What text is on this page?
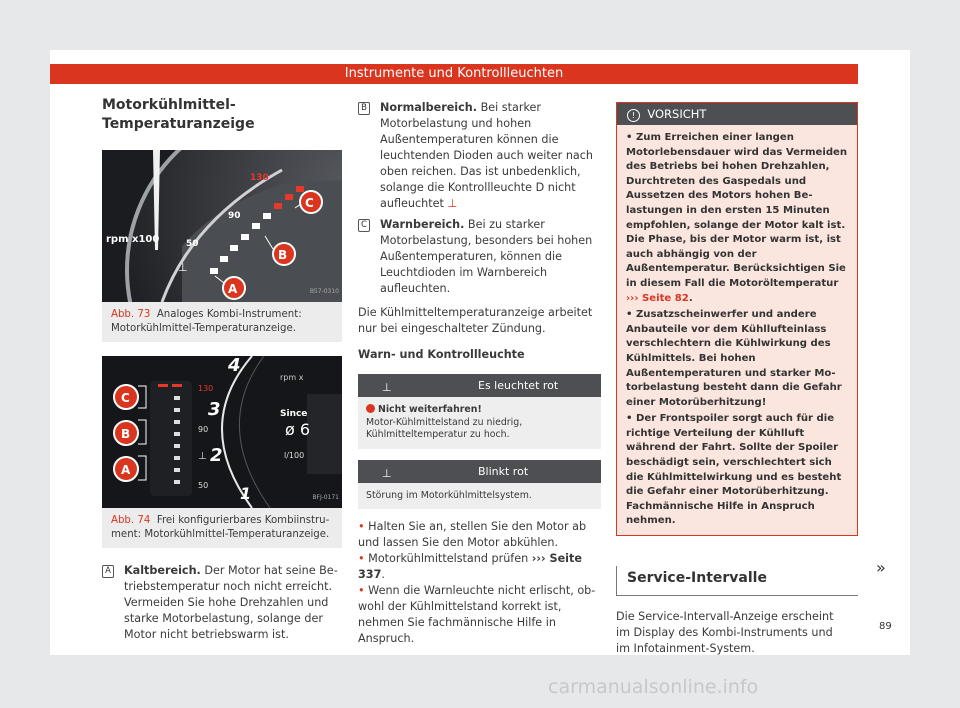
Instrumente und Kontrollleuchten
Motorkühlmittel-Temperaturanzeige
rpm x100	50
90
130
⊥
C
B
A	B57-0310
Abb. 73 Analoges Kombi-Instrument: Motorkühlmittel-Temperaturanzeige.
130
90
50
⊥
4
3
2
1
rpm x
Since
ø 6
l/100
C
B
A
BFJ-0171
Abb. 74 Frei konfigurierbares Kombiinstrument: Motorkühlmittel-Temperaturanzeige.
A Kaltbereich. Der Motor hat seine Betriebstemperatur noch nicht erreicht. Vermeiden Sie hohe Drehzahlen und starke Motorbelastung, solange der Motor nicht betriebswarm ist.
B Normalbereich. Bei starker Motorbelastung und hohen Außentemperaturen können die leuchtenden Dioden auch weiter nach oben reichen. Das ist unbedenklich, solange die Kontrollleuchte D nicht aufleuchtet ⊥
C Warnbereich. Bei zu starker Motorbelastung, besonders bei hohen Außentemperaturen, können die Leuchtdioden im Warnbereich aufleuchten.

Die Kühlmitteltemperaturanzeige arbeitet nur bei eingeschalteter Zündung.

Warn- und Kontrollleuchte

⊥	Es leuchtet rot
Nicht weiterfahren!
Motor-Kühlmittelstand zu niedrig, Kühlmitteltemperatur zu hoch.
⊥	Blinkt rot
Störung im Motorkühlmittelsystem.

• Halten Sie an, stellen Sie den Motor ab und lassen Sie den Motor abkühlen.

• Motorkühlmittelstand prüfen ››› Seite 337.

• Wenn die Warnleuchte nicht erlischt, obwohl der Kühlmittelstand korrekt ist, nehmen Sie fachmännische Hilfe in Anspruch.

! VORSICHT

• Zum Erreichen einer langen Motorlebensdauer wird das Vermeiden des Betriebs bei hohen Drehzahlen, Durchtreten des Gaspedals und Aussetzen des Motors hohen Belastungen in den ersten 15 Minuten empfohlen, solange der Motor kalt ist. Die Phase, bis der Motor warm ist, ist auch abhängig von der Außentemperatur. Berücksichtigen Sie in diesem Fall die Motoröltemperatur ››› Seite 82.

• Zusatzscheinwerfer und andere Anbauteile vor dem Kühllufteinlass verschlechtern die Kühlwirkung des Kühlmittels. Bei hohen Außentemperaturen und starker Motorbelastung besteht dann die Gefahr einer Motorüberhitzung!

• Der Frontspoiler sorgt auch für die richtige Verteilung der Kühlluft während der Fahrt. Sollte der Spoiler beschädigt sein, verschlechtert sich die Kühlmittelwirkung und es besteht die Gefahr einer Motorüberhitzung. Fachmännische Hilfe in Anspruch nehmen.

Service-Intervalle

Die Service-Intervall-Anzeige erscheint im Display des Kombi-Instruments und im Infotainment-System.

»
89
carmanualsonline.info
